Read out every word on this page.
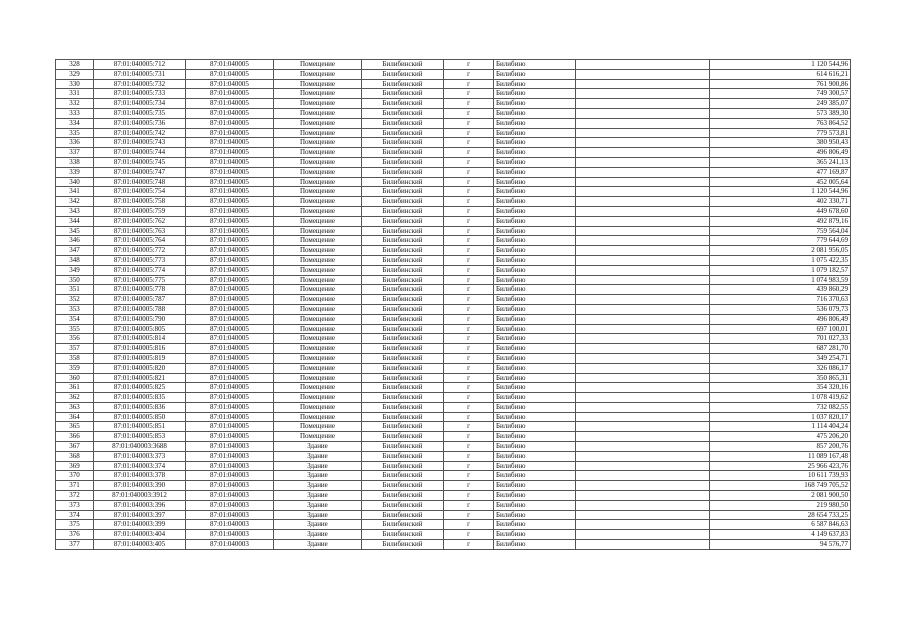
328	87:01:040005:712	87:01:040005	Помещение	Билибинский	г	Билибино		1 120 544,96
329	87:01:040005:731	87:01:040005	Помещение	Билибинский	г	Билибино		614 616,21
330	87:01:040005:732	87:01:040005	Помещение	Билибинский	г	Билибино		761 900,86
331	87:01:040005:733	87:01:040005	Помещение	Билибинский	г	Билибино		749 300,57
332	87:01:040005:734	87:01:040005	Помещение	Билибинский	г	Билибино		249 385,07
333	87:01:040005:735	87:01:040005	Помещение	Билибинский	г	Билибино		573 389,30
334	87:01:040005:736	87:01:040005	Помещение	Билибинский	г	Билибино		763 864,52
335	87:01:040005:742	87:01:040005	Помещение	Билибинский	г	Билибино		779 573,81
336	87:01:040005:743	87:01:040005	Помещение	Билибинский	г	Билибино		380 950,43
337	87:01:040005:744	87:01:040005	Помещение	Билибинский	г	Билибино		496 806,49
338	87:01:040005:745	87:01:040005	Помещение	Билибинский	г	Билибино		365 241,13
339	87:01:040005:747	87:01:040005	Помещение	Билибинский	г	Билибино		477 169,87
340	87:01:040005:748	87:01:040005	Помещение	Билибинский	г	Билибино		452 005,64
341	87:01:040005:754	87:01:040005	Помещение	Билибинский	г	Билибино		1 120 544,96
342	87:01:040005:758	87:01:040005	Помещение	Билибинский	г	Билибино		402 330,71
343	87:01:040005:759	87:01:040005	Помещение	Билибинский	г	Билибино		449 678,60
344	87:01:040005:762	87:01:040005	Помещение	Билибинский	г	Билибино		492 879,16
345	87:01:040005:763	87:01:040005	Помещение	Билибинский	г	Билибино		759 564,04
346	87:01:040005:764	87:01:040005	Помещение	Билибинский	г	Билибино		779 644,69
347	87:01:040005:772	87:01:040005	Помещение	Билибинский	г	Билибино		2 081 956,05
348	87:01:040005:773	87:01:040005	Помещение	Билибинский	г	Билибино		1 075 422,35
349	87:01:040005:774	87:01:040005	Помещение	Билибинский	г	Билибино		1 079 182,57
350	87:01:040005:775	87:01:040005	Помещение	Билибинский	г	Билибино		1 074 983,59
351	87:01:040005:778	87:01:040005	Помещение	Билибинский	г	Билибино		439 860,29
352	87:01:040005:787	87:01:040005	Помещение	Билибинский	г	Билибино		716 370,63
353	87:01:040005:788	87:01:040005	Помещение	Билибинский	г	Билибино		536 079,73
354	87:01:040005:790	87:01:040005	Помещение	Билибинский	г	Билибино		496 806,49
355	87:01:040005:805	87:01:040005	Помещение	Билибинский	г	Билибино		697 100,01
356	87:01:040005:814	87:01:040005	Помещение	Билибинский	г	Билибино		701 027,33
357	87:01:040005:816	87:01:040005	Помещение	Билибинский	г	Билибино		687 281,70
358	87:01:040005:819	87:01:040005	Помещение	Билибинский	г	Билибино		349 254,71
359	87:01:040005:820	87:01:040005	Помещение	Билибинский	г	Билибино		326 086,17
360	87:01:040005:821	87:01:040005	Помещение	Билибинский	г	Билибино		350 865,31
361	87:01:040005:825	87:01:040005	Помещение	Билибинский	г	Билибино		354 320,16
362	87:01:040005:835	87:01:040005	Помещение	Билибинский	г	Билибино		1 078 419,62
363	87:01:040005:836	87:01:040005	Помещение	Билибинский	г	Билибино		732 082,55
364	87:01:040005:850	87:01:040005	Помещение	Билибинский	г	Билибино		1 037 820,17
365	87:01:040005:851	87:01:040005	Помещение	Билибинский	г	Билибино		1 114 404,24
366	87:01:040005:853	87:01:040005	Помещение	Билибинский	г	Билибино		475 206,20
367	87:01:040003:3688	87:01:040003	Здание	Билибинский	г	Билибино		857 200,76
368	87:01:040003:373	87:01:040003	Здание	Билибинский	г	Билибино		11 089 167,48
369	87:01:040003:374	87:01:040003	Здание	Билибинский	г	Билибино		25 966 423,76
370	87:01:040003:378	87:01:040003	Здание	Билибинский	г	Билибино		10 611 739,93
371	87:01:040003:390	87:01:040003	Здание	Билибинский	г	Билибино		168 749 705,52
372	87:01:040003:3912	87:01:040003	Здание	Билибинский	г	Билибино		2 081 900,50
373	87:01:040003:396	87:01:040003	Здание	Билибинский	г	Билибино		219 980,50
374	87:01:040003:397	87:01:040003	Здание	Билибинский	г	Билибино		28 654 733,25
375	87:01:040003:399	87:01:040003	Здание	Билибинский	г	Билибино		6 587 846,63
376	87:01:040003:404	87:01:040003	Здание	Билибинский	г	Билибино		4 149 637,83
377	87:01:040003:405	87:01:040003	Здание	Билибинский	г	Билибино		94 576,77
